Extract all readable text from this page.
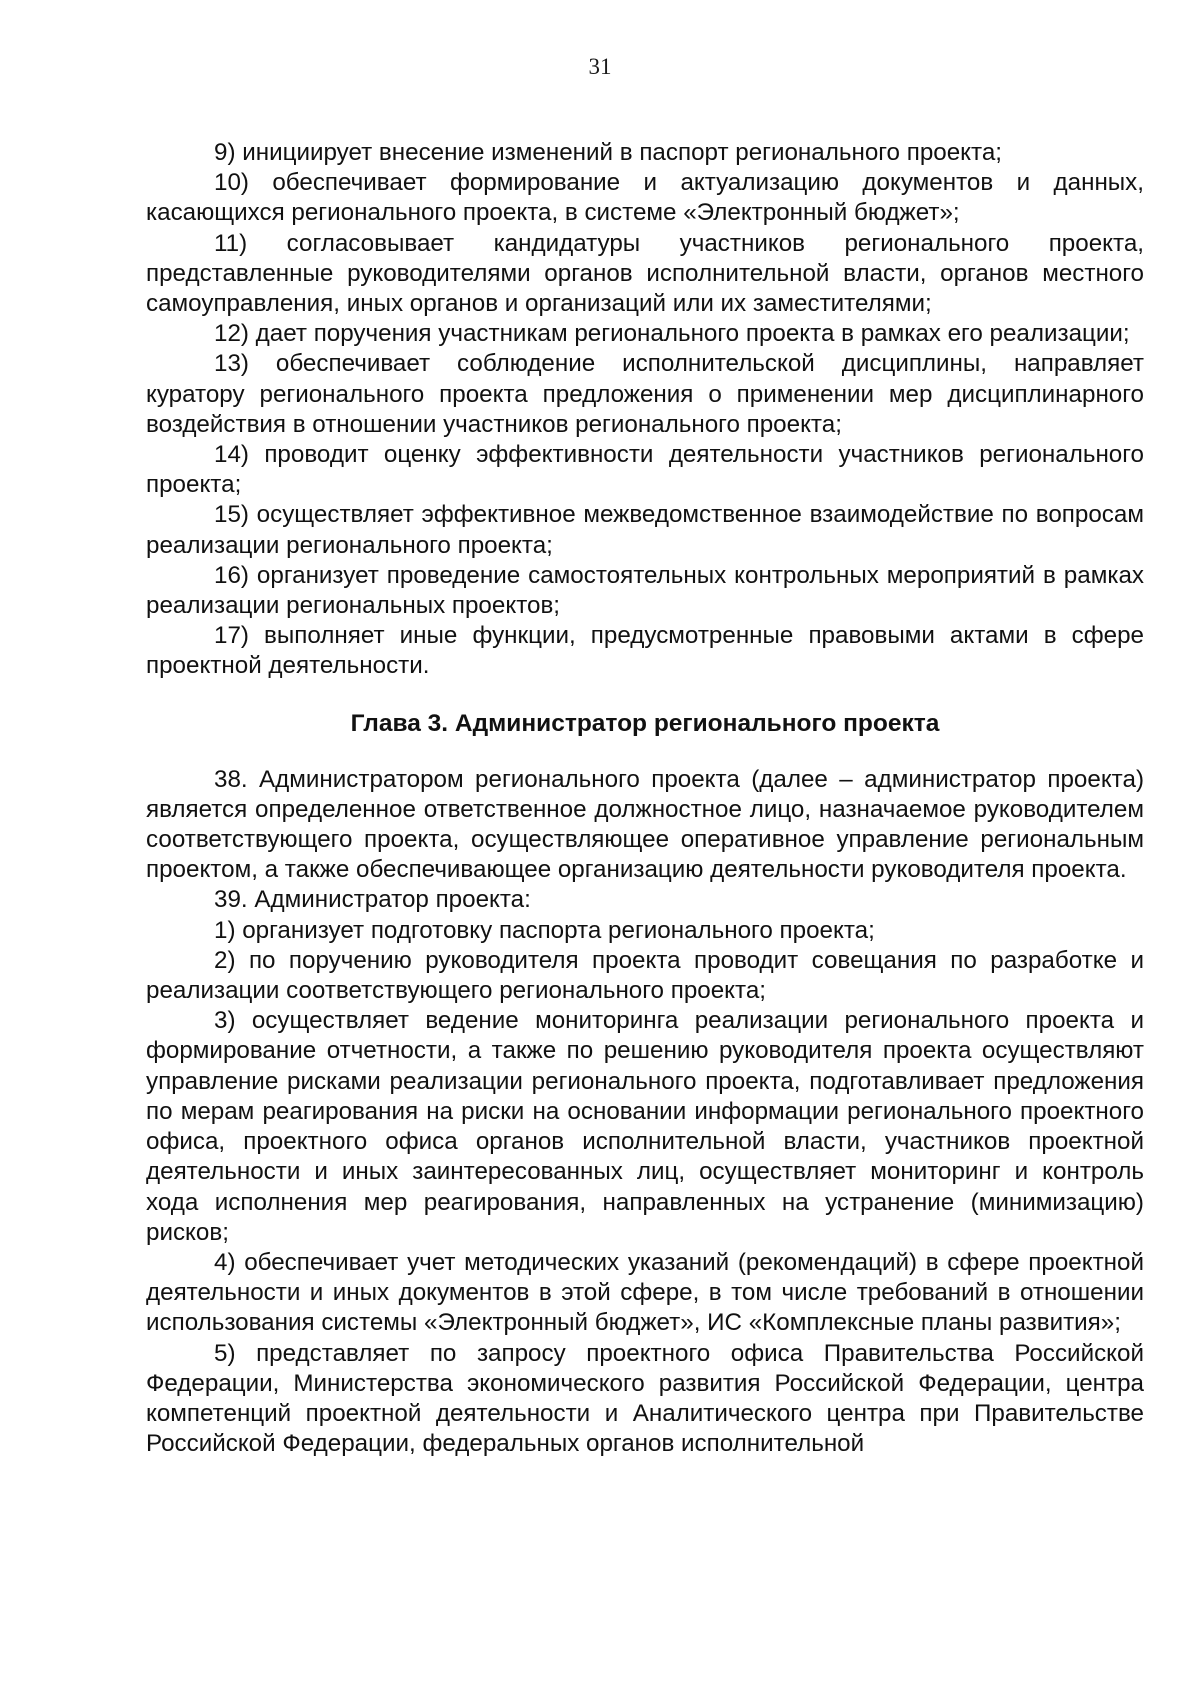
31

9) инициирует внесение изменений в паспорт регионального проекта;

10) обеспечивает формирование и актуализацию документов и данных, касающихся регионального проекта, в системе «Электронный бюджет»;

11) согласовывает кандидатуры участников регионального проекта, представленные руководителями органов исполнительной власти, органов местного самоуправления, иных органов и организаций или их заместителями;

12) дает поручения участникам регионального проекта в рамках его реализации;

13) обеспечивает соблюдение исполнительской дисциплины, направляет куратору регионального проекта предложения о применении мер дисциплинарного воздействия в отношении участников регионального проекта;

14) проводит оценку эффективности деятельности участников регионального проекта;

15) осуществляет эффективное межведомственное взаимодействие по вопросам реализации регионального проекта;

16) организует проведение самостоятельных контрольных мероприятий в рамках реализации региональных проектов;

17) выполняет иные функции, предусмотренные правовыми актами в сфере проектной деятельности.

Глава 3. Администратор регионального проекта

38. Администратором регионального проекта (далее – администратор проекта) является определенное ответственное должностное лицо, назначаемое руководителем соответствующего проекта, осуществляющее оперативное управление региональным проектом, а также обеспечивающее организацию деятельности руководителя проекта.

39. Администратор проекта:

1) организует подготовку паспорта регионального проекта;

2) по поручению руководителя проекта проводит совещания по разработке и реализации соответствующего регионального проекта;

3) осуществляет ведение мониторинга реализации регионального проекта и формирование отчетности, а также по решению руководителя проекта осуществляют управление рисками реализации регионального проекта, подготавливает предложения по мерам реагирования на риски на основании информации регионального проектного офиса, проектного офиса органов исполнительной власти, участников проектной деятельности и иных заинтересованных лиц, осуществляет мониторинг и контроль хода исполнения мер реагирования, направленных на устранение (минимизацию) рисков;

4) обеспечивает учет методических указаний (рекомендаций) в сфере проектной деятельности и иных документов в этой сфере, в том числе требований в отношении использования системы «Электронный бюджет», ИС «Комплексные планы развития»;

5) представляет по запросу проектного офиса Правительства Российской Федерации, Министерства экономического развития Российской Федерации, центра компетенций проектной деятельности и Аналитического центра при Правительстве Российской Федерации, федеральных органов исполнительной
